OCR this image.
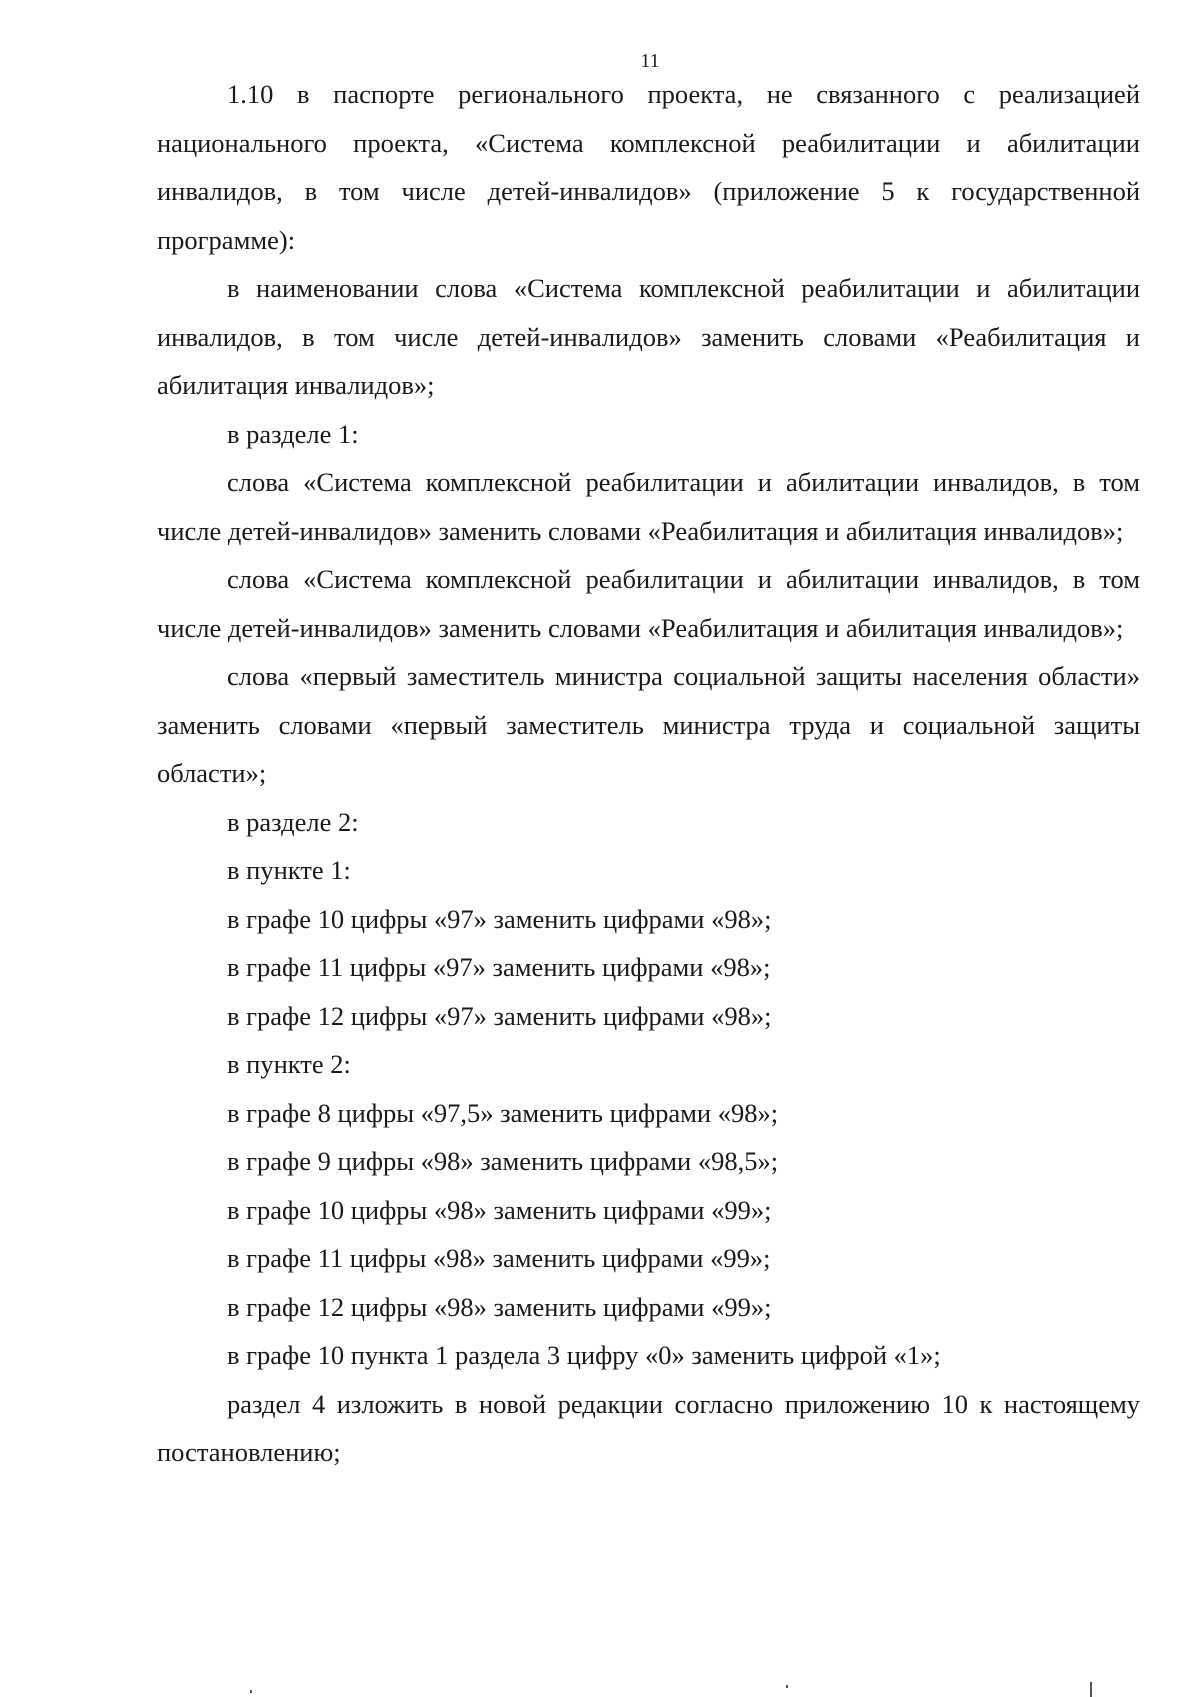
11

1.10 в паспорте регионального проекта, не связанного с реализацией национального проекта, «Система комплексной реабилитации и абилитации инвалидов, в том числе детей-инвалидов» (приложение 5 к государственной программе):

в наименовании слова «Система комплексной реабилитации и абилитации инвалидов, в том числе детей-инвалидов» заменить словами «Реабилитация и абилитация инвалидов»;

в разделе 1:

слова «Система комплексной реабилитации и абилитации инвалидов, в том числе детей-инвалидов» заменить словами «Реабилитация и абилитация инвалидов»;

слова «Система комплексной реабилитации и абилитации инвалидов, в том числе детей-инвалидов» заменить словами «Реабилитация и абилитация инвалидов»;

слова «первый заместитель министра социальной защиты населения области» заменить словами «первый заместитель министра труда и социальной защиты области»;

в разделе 2:

в пункте 1:

в графе 10 цифры «97» заменить цифрами «98»;

в графе 11 цифры «97» заменить цифрами «98»;

в графе 12 цифры «97» заменить цифрами «98»;

в пункте 2:

в графе 8 цифры «97,5» заменить цифрами «98»;

в графе 9 цифры «98» заменить цифрами «98,5»;

в графе 10 цифры «98» заменить цифрами «99»;

в графе 11 цифры «98» заменить цифрами «99»;

в графе 12 цифры «98» заменить цифрами «99»;

в графе 10 пункта 1 раздела 3 цифру «0» заменить цифрой «1»;

раздел 4 изложить в новой редакции согласно приложению 10 к настоящему постановлению;
